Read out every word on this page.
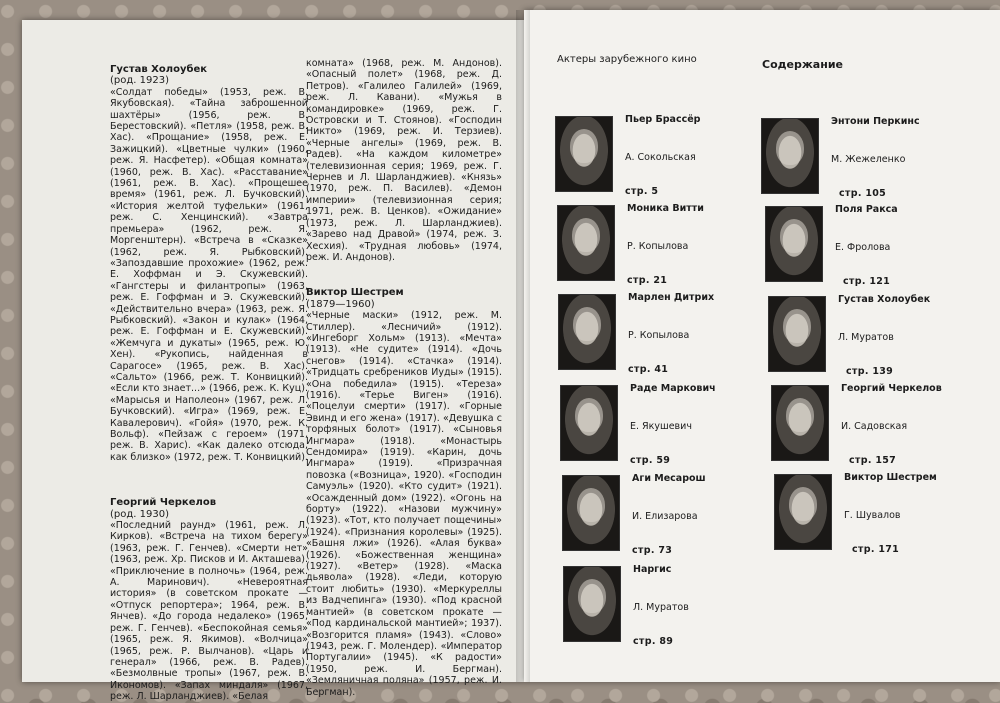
Густав Холоубек

(род. 1923)

«Солдат победы» (1953, реж. В. Якубовская). «Тайна заброшенной шахтёры» (1956, реж. В. Берестовский). «Петля» (1958, реж. В. Хас). «Прощание» (1958, реж. Е. Зажицкий). «Цветные чулки» (1960, реж. Я. Насфетер). «Общая комната» (1960, реж. В. Хас). «Расставание» (1961, реж. В. Хас). «Прощешее время» (1961, реж. Л. Бучковский). «История желтой туфельки» (1961, реж. С. Хенцинский). «Завтра премьера» (1962, реж. Я. Моргенштерн). «Встреча в «Сказке» (1962, реж. Я. Рыбковский). «Запоздавшие прохожие» (1962, реж. Е. Хоффман и Э. Скужевский). «Гангстеры и филантропы» (1963, реж. Е. Гоффман и Э. Скужевский). «Действительно вчера» (1963, реж. Я. Рыбковский). «Закон и кулак» (1964, реж. Е. Гоффман и Е. Скужевский). «Жемчуга и дукаты» (1965, реж. Ю. Хен). «Рукопись, найденная в Сарагосе» (1965, реж. В. Хас). «Сальто» (1966, реж. Т. Конвицкий). «Если кто знает...» (1966, реж. К. Куц). «Марысья и Наполеон» (1967, реж. Л. Бучковский). «Игра» (1969, реж. Е. Кавалерович). «Гойя» (1970, реж. К. Вольф). «Пейзаж с героем» (1971, реж. В. Харис). «Как далеко отсюда, как близко» (1972, реж. Т. Конвицкий).

Георгий Черкелов

(род. 1930)

«Последний раунд» (1961, реж. Л. Кирков). «Встреча на тихом берегу» (1963, реж. Г. Генчев). «Смерти нет» (1963, реж. Хр. Писков и И. Акташева). «Приключение в полночь» (1964, реж. А. Маринович). «Невероятная история» (в советском прокате — «Отпуск репортера»; 1964, реж. В. Янчев). «До города недалеко» (1965, реж. Г. Генчев). «Беспокойная семья» (1965, реж. Я. Якимов). «Волчица» (1965, реж. Р. Вылчанов). «Царь и генерал» (1966, реж. В. Радев). «Безмолвные тропы» (1967, реж. В. Икономов). «Запах миндаля» (1967, реж. Л. Шарланджиев). «Белая

комната» (1968, реж. М. Андонов). «Опасный полет» (1968, реж. Д. Петров). «Галилео Галилей» (1969, реж. Л. Кавани). «Мужья в командировке» (1969, реж. Г. Островски и Т. Стоянов). «Господин Никто» (1969, реж. И. Терзиев). «Черные ангелы» (1969, реж. В. Радев). «На каждом километре» (телевизионная серия; 1969, реж. Г. Чернев и Л. Шарланджиев). «Князь» (1970, реж. П. Василев). «Демон империи» (телевизионная серия; 1971, реж. В. Ценков). «Ожидание» (1973, реж. Л. Шарланджиев). «Зарево над Дравой» (1974, реж. З. Хесхия). «Трудная любовь» (1974, реж. И. Андонов).

Виктор Шестрем

(1879—1960)

«Черные маски» (1912, реж. М. Стиллер). «Лесничий» (1912). «Ингеборг Хольм» (1913). «Мечта» (1913). «Не судите» (1914). «Дочь снегов» (1914). «Стачка» (1914). «Тридцать сребреников Иуды» (1915). «Она победила» (1915). «Тереза» (1916). «Терье Виген» (1916). «Поцелуи смерти» (1917). «Горные Эвинд и его жена» (1917). «Девушка с торфяных болот» (1917). «Сыновья Ингмара» (1918). «Монастырь Сендомира» (1919). «Карин, дочь Ингмара» (1919). «Призрачная повозка («Возница», 1920). «Господин Самуэль» (1920). «Кто судит» (1921). «Осажденный дом» (1922). «Огонь на борту» (1922). «Назови мужчину» (1923). «Тот, кто получает пощечины» (1924). «Признания королевы» (1925). «Башня лжи» (1926). «Алая буква» (1926). «Божественная женщина» (1927). «Ветер» (1928). «Маска дьявола» (1928). «Леди, которую стоит любить» (1930). «Меркуреллы из Вадчепинга» (1930). «Под красной мантией» (в советском прокате — «Под кардинальской мантией»; 1937). «Возгорится пламя» (1943). «Слово» (1943, реж. Г. Молендер). «Император Португалии» (1945). «К радости» (1950, реж. И. Бергман). «Земляничная поляна» (1957, реж. И. Бергман).

Актеры зарубежного кино	Содержание
Пьер Брассёр
А. Сокольская
стр. 5
Моника Витти
Р. Копылова
стр. 21
Марлен Дитрих
Р. Копылова
стр. 41
Раде Маркович
Е. Якушевич
стр. 59
Аги Месарош
И. Елизарова
стр. 73
Наргис
Л. Муратов
стр. 89
Энтони Перкинс
М. Жежеленко
стр. 105
Поля Ракса
Е. Фролова
стр. 121
Густав Холоубек
Л. Муратов
стр. 139
Георгий Черкелов
И. Садовская
стр. 157
Виктор Шестрем
Г. Шувалов
стр. 171
